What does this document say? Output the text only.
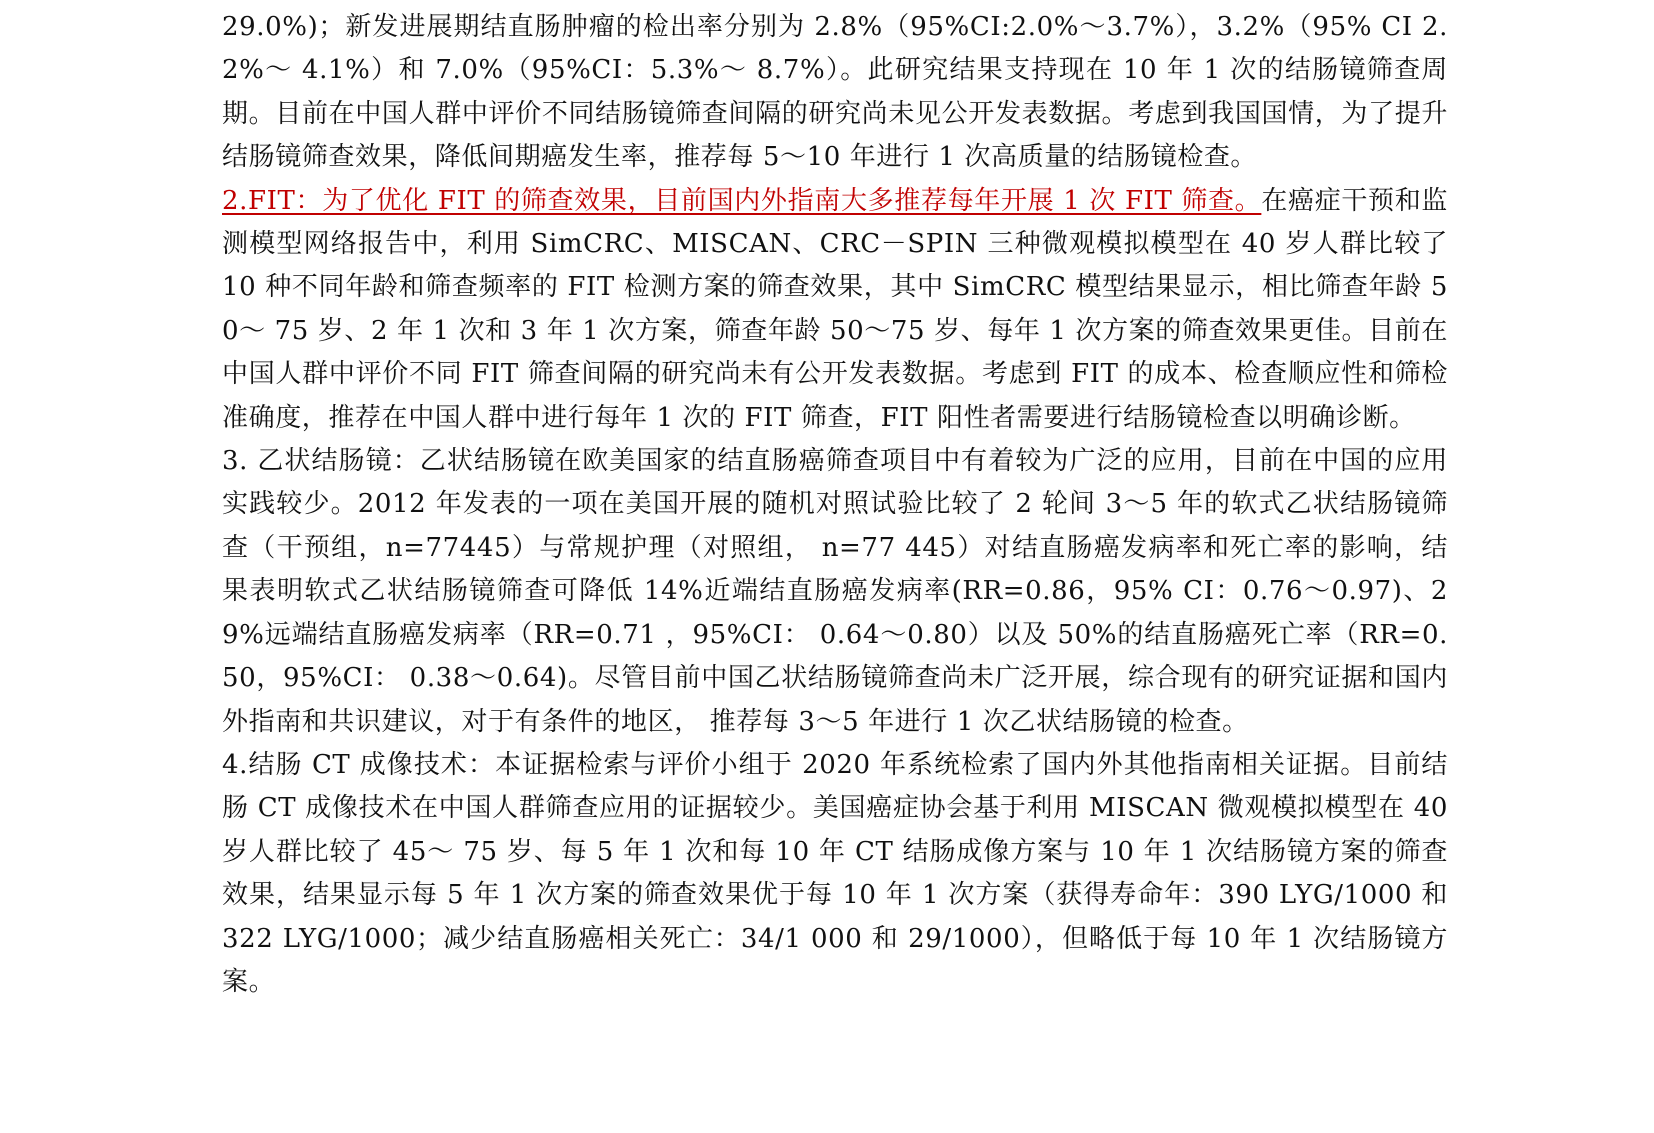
29.0%)；新发进展期结直肠肿瘤的检出率分别为 2.8%（95%CI:2.0%～3.7%），3.2%（95% CI 2.2%～ 4.1%）和 7.0%（95%CI：5.3%～ 8.7%）。此研究结果支持现在 10 年 1 次的结肠镜筛查周期。目前在中国人群中评价不同结肠镜筛查间隔的研究尚未见公开发表数据。考虑到我国国情，为了提升结肠镜筛查效果，降低间期癌发生率，推荐每 5～10 年进行 1 次高质量的结肠镜检查。

2.FIT：为了优化 FIT 的筛查效果，目前国内外指南大多推荐每年开展 1 次 FIT 筛查。在癌症干预和监测模型网络报告中，利用 SimCRC、MISCAN、CRC－SPIN 三种微观模拟模型在 40 岁人群比较了 10 种不同年龄和筛查频率的 FIT 检测方案的筛查效果，其中 SimCRC 模型结果显示，相比筛查年龄 50～ 75 岁、2 年 1 次和 3 年 1 次方案，筛查年龄 50～75 岁、每年 1 次方案的筛查效果更佳。目前在中国人群中评价不同 FIT 筛查间隔的研究尚未有公开发表数据。考虑到 FIT 的成本、检查顺应性和筛检准确度，推荐在中国人群中进行每年 1 次的 FIT 筛查，FIT 阳性者需要进行结肠镜检查以明确诊断。

3. 乙状结肠镜：乙状结肠镜在欧美国家的结直肠癌筛查项目中有着较为广泛的应用，目前在中国的应用实践较少。2012 年发表的一项在美国开展的随机对照试验比较了 2 轮间 3～5 年的软式乙状结肠镜筛查（干预组，n=77445）与常规护理（对照组， n=77 445）对结直肠癌发病率和死亡率的影响，结果表明软式乙状结肠镜筛查可降低 14%近端结直肠癌发病率(RR=0.86，95% CI：0.76～0.97)、29%远端结直肠癌发病率（RR=0.71 ，95%CI： 0.64～0.80）以及 50%的结直肠癌死亡率（RR=0.50，95%CI： 0.38～0.64)。尽管目前中国乙状结肠镜筛查尚未广泛开展，综合现有的研究证据和国内外指南和共识建议，对于有条件的地区， 推荐每 3～5 年进行 1 次乙状结肠镜的检查。

4.结肠 CT 成像技术：本证据检索与评价小组于 2020 年系统检索了国内外其他指南相关证据。目前结肠 CT 成像技术在中国人群筛查应用的证据较少。美国癌症协会基于利用 MISCAN 微观模拟模型在 40 岁人群比较了 45～ 75 岁、每 5 年 1 次和每 10 年 CT 结肠成像方案与 10 年 1 次结肠镜方案的筛查效果，结果显示每 5 年 1 次方案的筛查效果优于每 10 年 1 次方案（获得寿命年：390 LYG/1000 和 322 LYG/1000；减少结直肠癌相关死亡：34/1 000 和 29/1000），但略低于每 10 年 1 次结肠镜方案。
